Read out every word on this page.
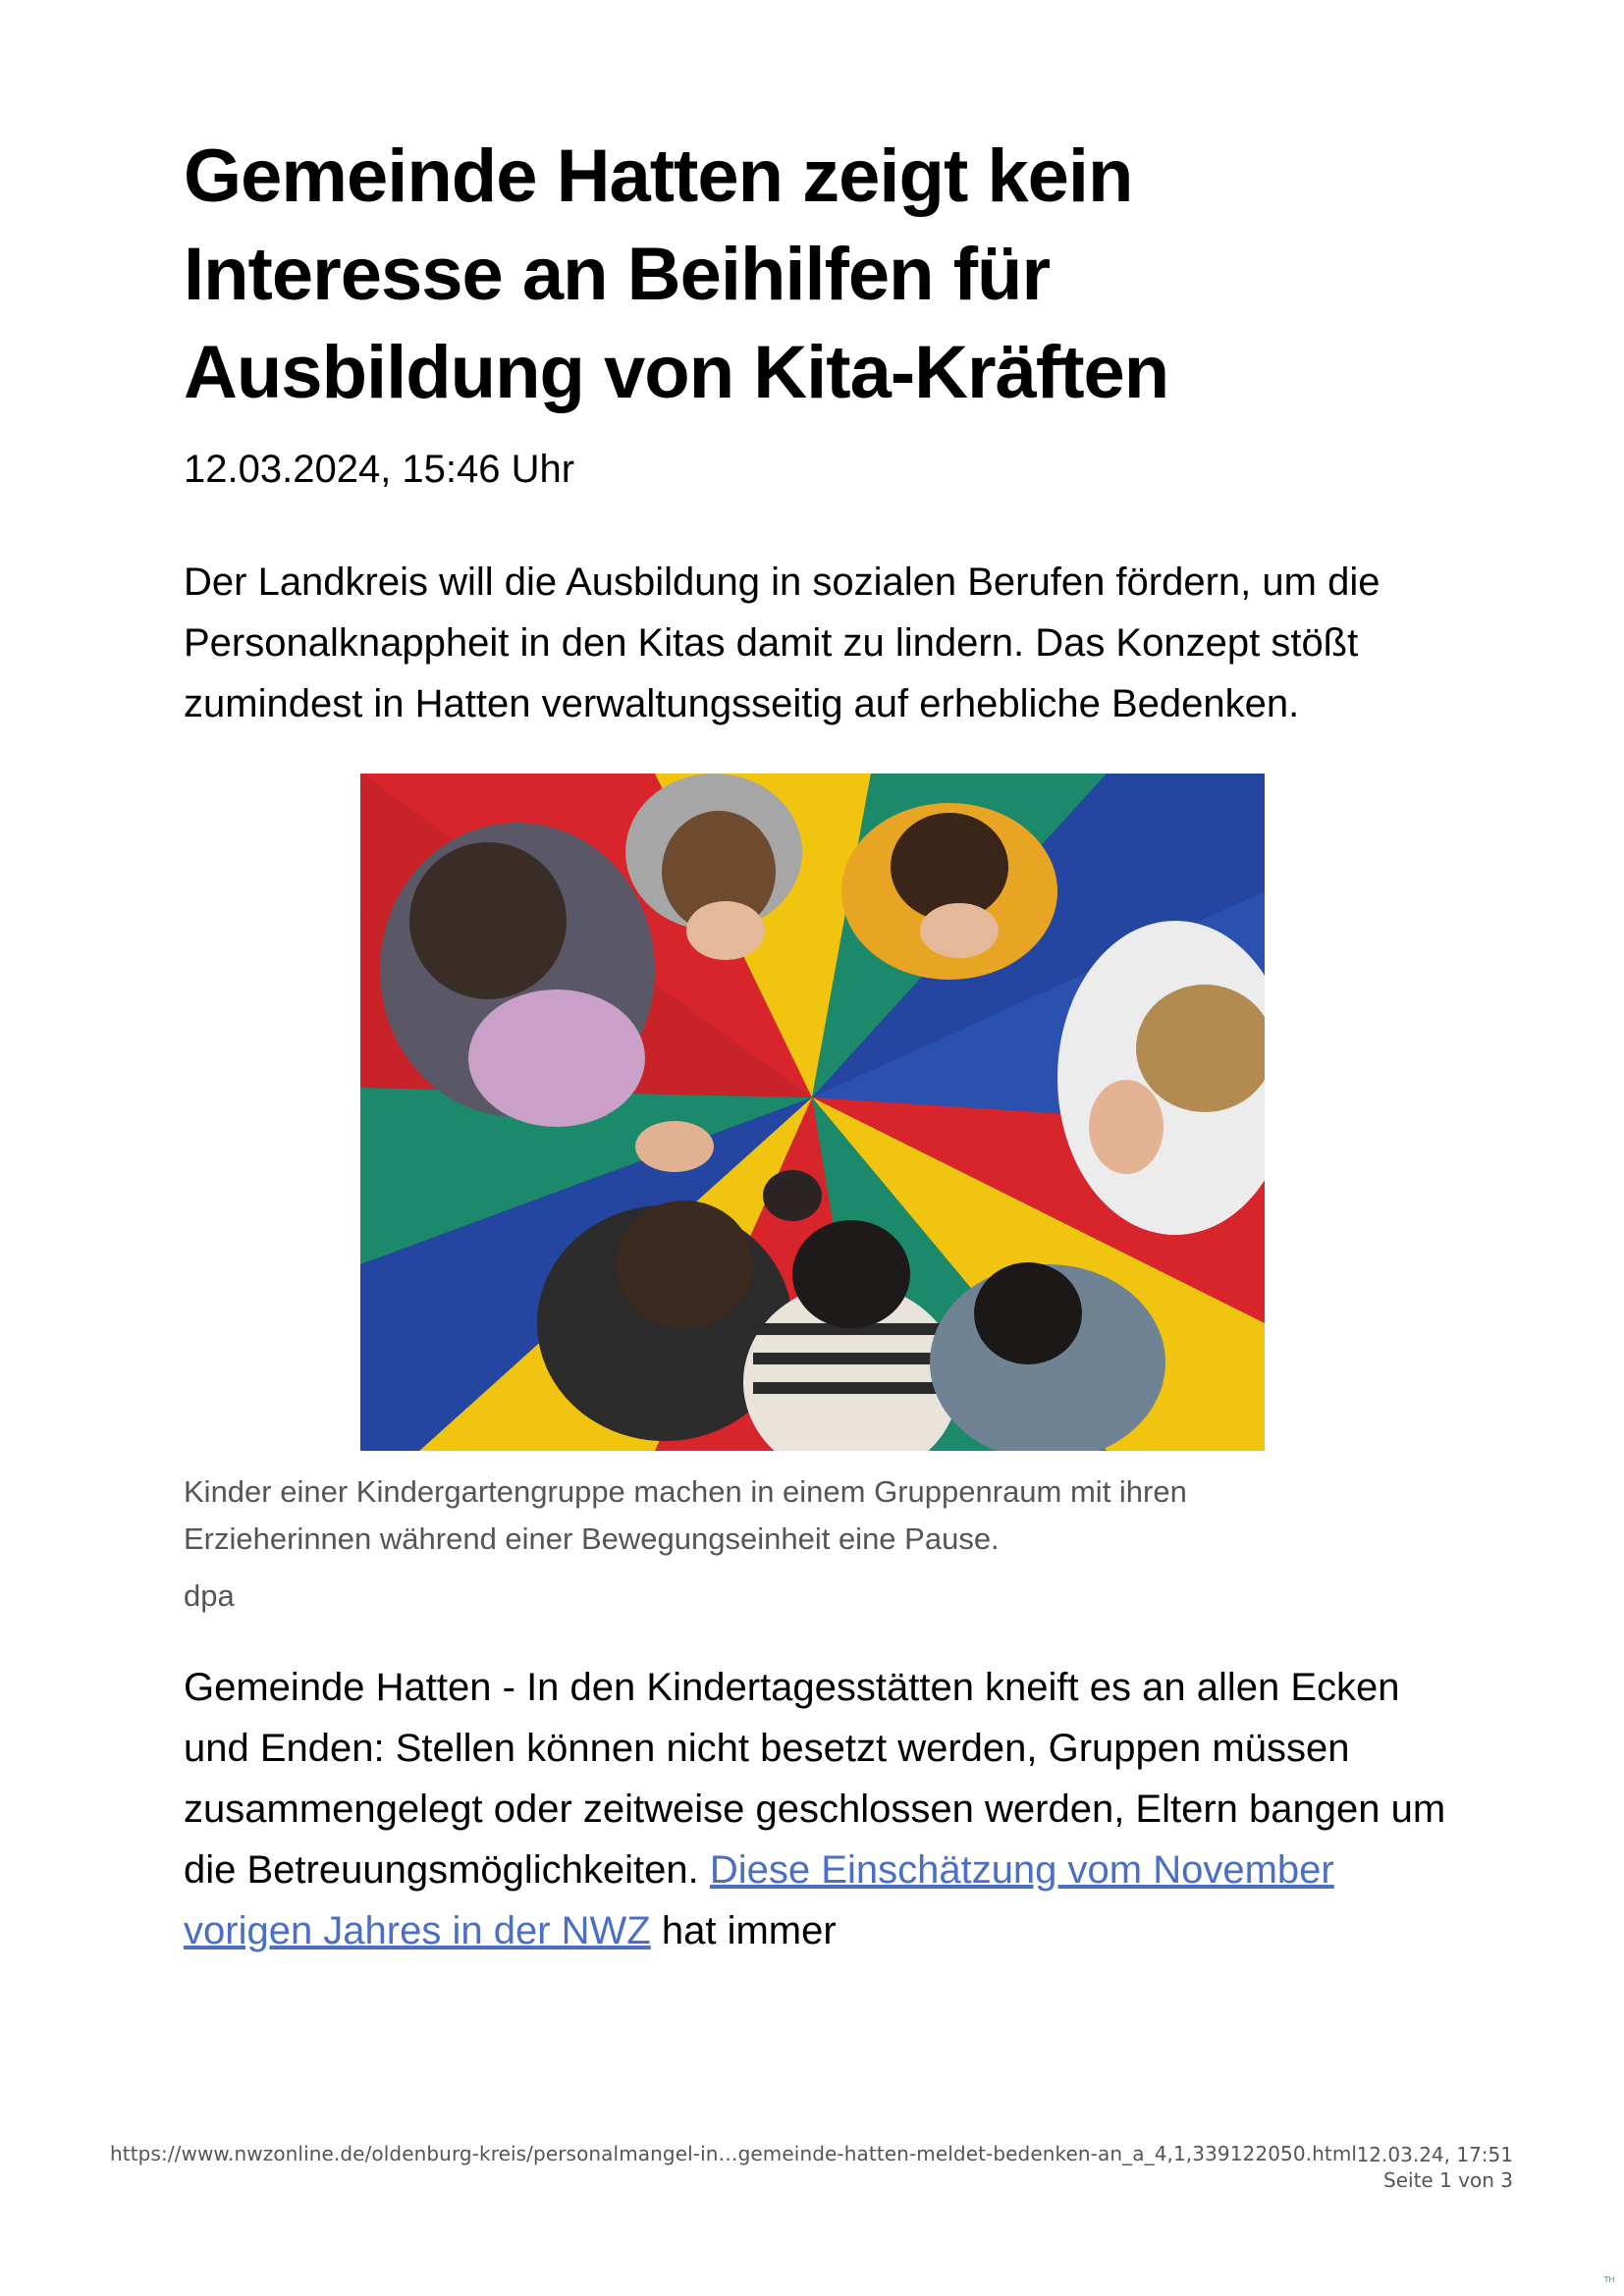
Gemeinde Hatten zeigt kein Interesse an Beihilfen für Ausbildung von Kita-Kräften
12.03.2024, 15:46 Uhr

Der Landkreis will die Ausbildung in sozialen Berufen fördern, um die Personalknappheit in den Kitas damit zu lindern. Das Konzept stößt zumindest in Hatten verwaltungsseitig auf erhebliche Bedenken.

Kinder einer Kindergartengruppe machen in einem Gruppenraum mit ihren Erzieherinnen während einer Bewegungseinheit eine Pause.
dpa

Gemeinde Hatten - In den Kindertagesstätten kneift es an allen Ecken und Enden: Stellen können nicht besetzt werden, Gruppen müssen zusammengelegt oder zeitweise geschlossen werden, Eltern bangen um die Betreuungsmöglichkeiten. Diese Einschätzung vom November vorigen Jahres in der NWZ hat immer

https://www.nwzonline.de/oldenburg-kreis/personalmangel-in…gemeinde-hatten-meldet-bedenken-an_a_4,1,339122050.html 12.03.24, 17:51
Seite 1 von 3
ᵀᴴ
